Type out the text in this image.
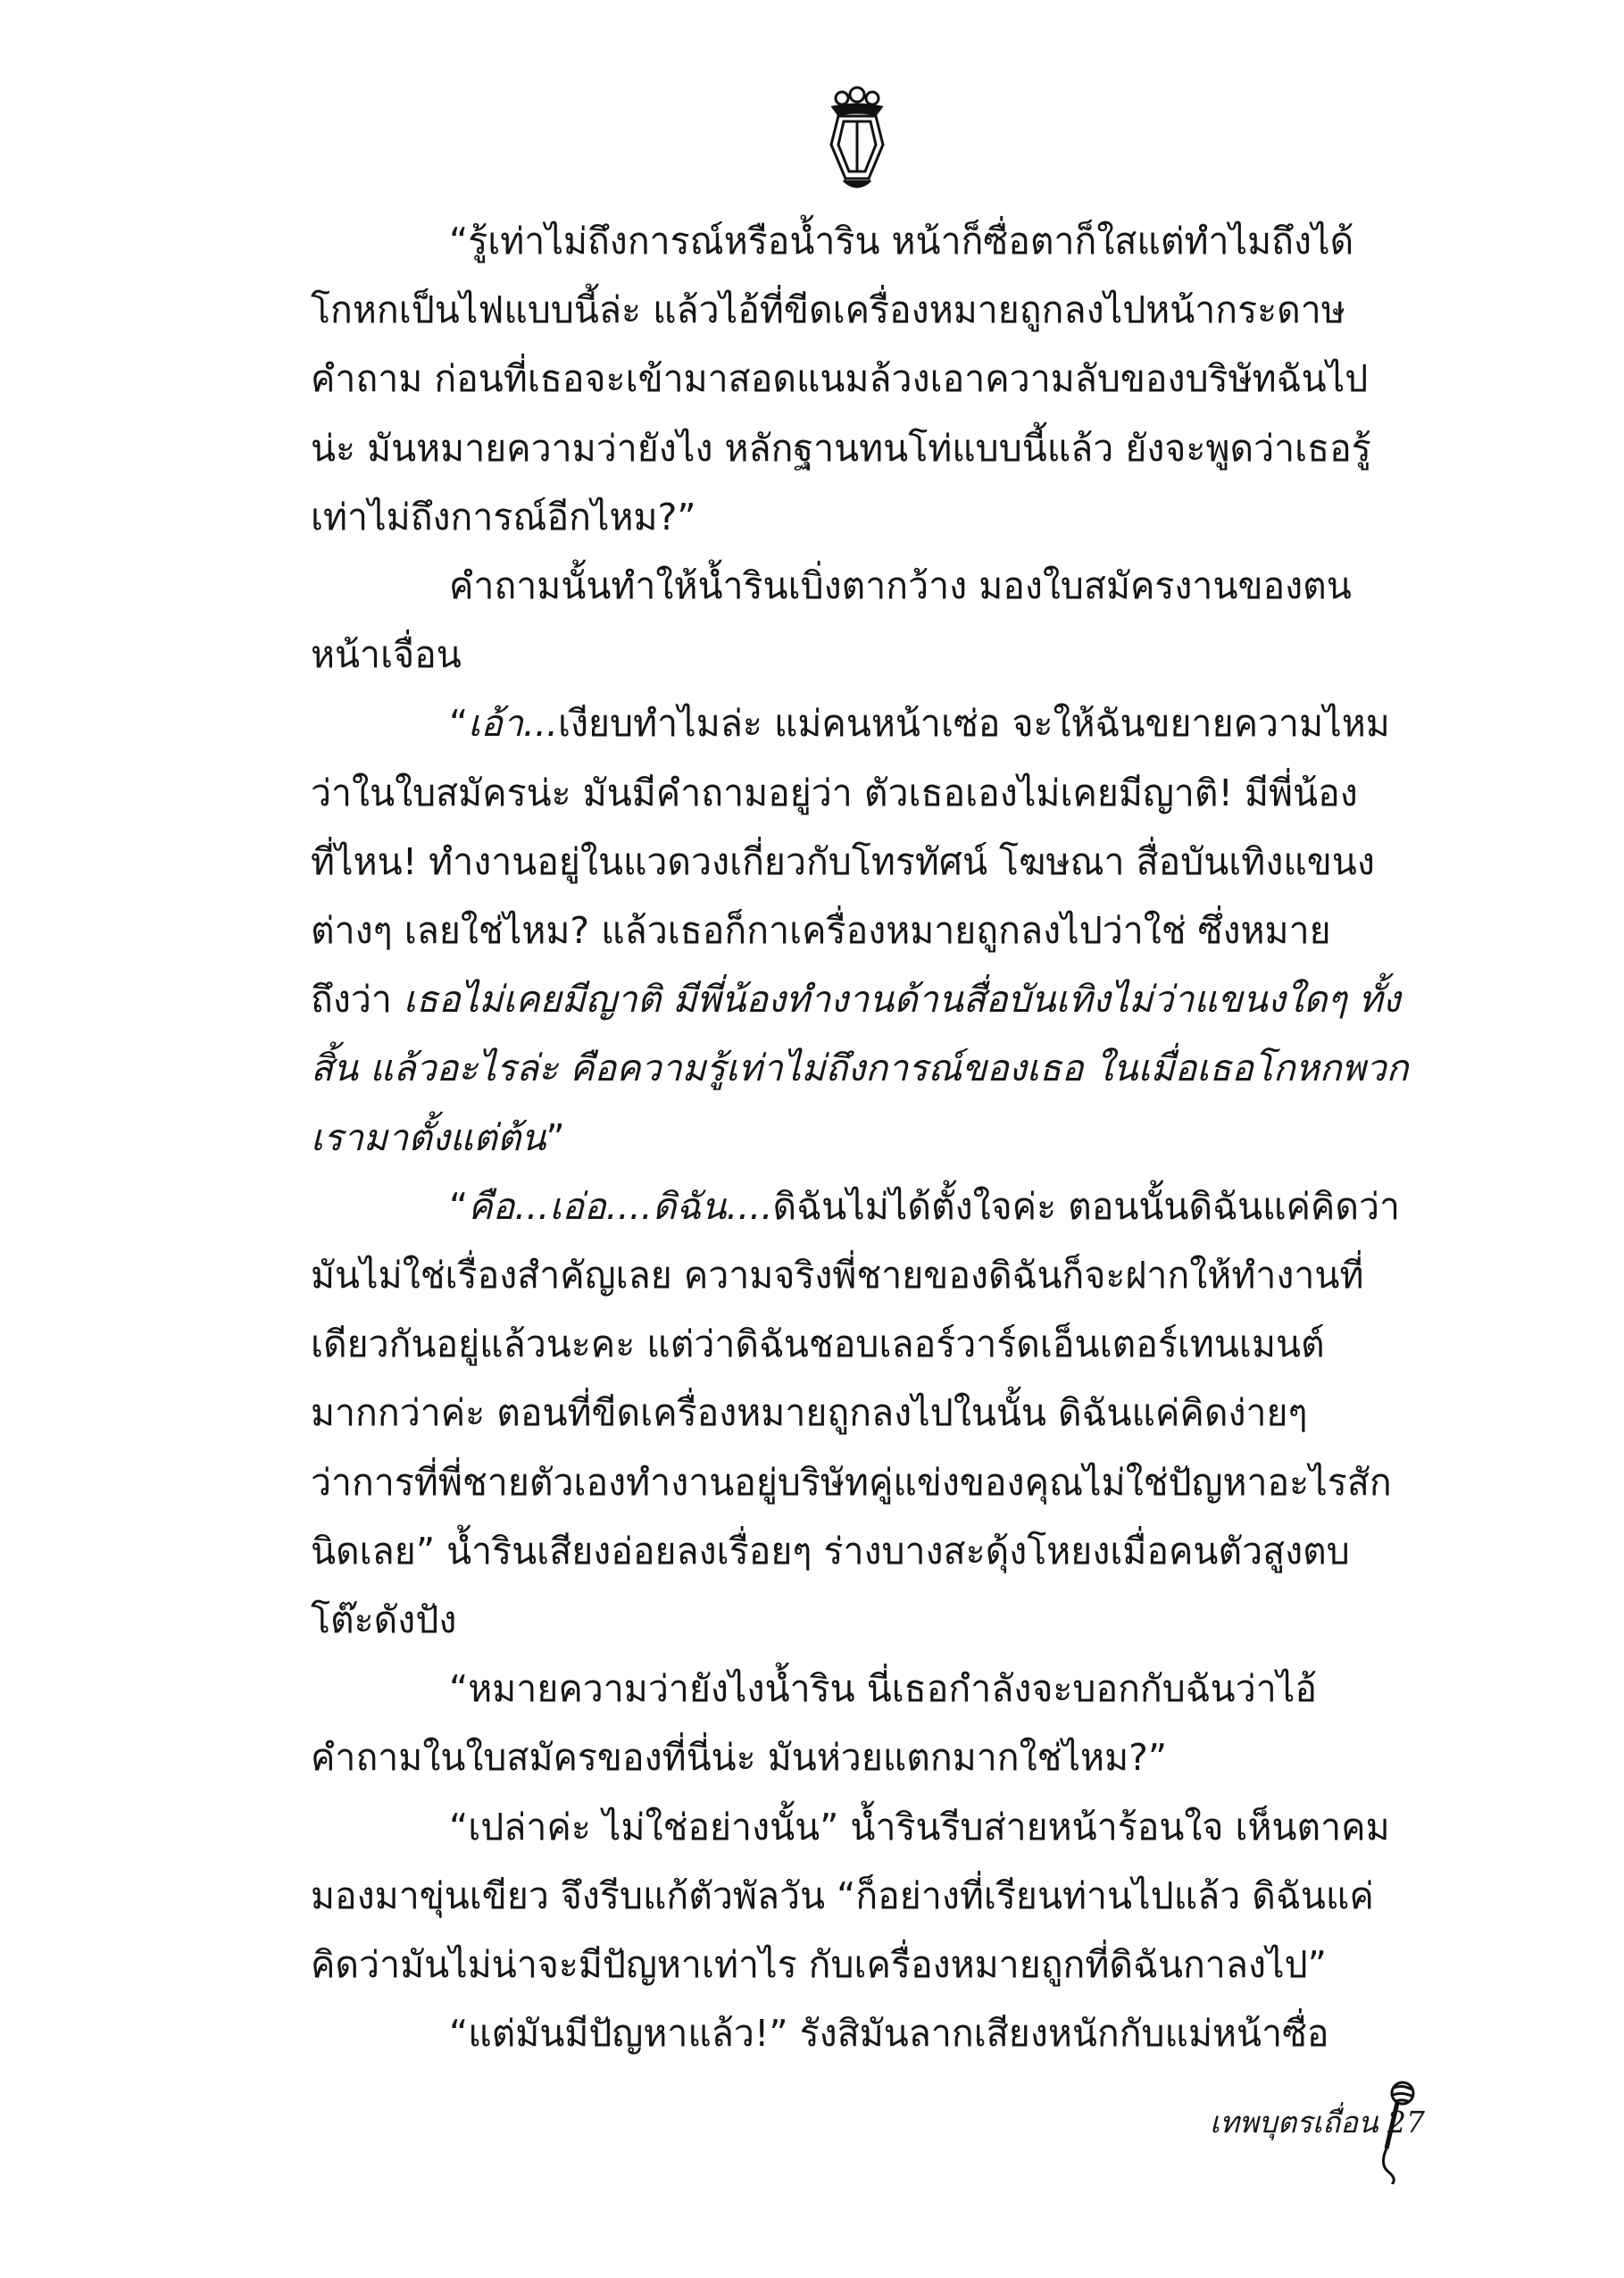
“รู้เท่าไม่ถึงการณ์หรือน้ำริน หน้าก็ซื่อตาก็ใสแต่ทำไมถึงได้โกหกเป็นไฟแบบนี้ล่ะ แล้วไอ้ที่ขีดเครื่องหมายถูกลงไปหน้ากระดาษคำถาม ก่อนที่เธอจะเข้ามาสอดแนมล้วงเอาความลับของบริษัทฉันไปน่ะ มันหมายความว่ายังไง หลักฐานทนโท่แบบนี้แล้ว ยังจะพูดว่าเธอรู้เท่าไม่ถึงการณ์อีกไหม?”

คำถามนั้นทำให้น้ำรินเบิ่งตากว้าง มองใบสมัครงานของตนหน้าเจื่อน

“เอ้า...เงียบทำไมล่ะ แม่คนหน้าเซ่อ จะให้ฉันขยายความไหมว่าในใบสมัครน่ะ มันมีคำถามอยู่ว่า ตัวเธอเองไม่เคยมีญาติ! มีพี่น้องที่ไหน! ทำงานอยู่ในแวดวงเกี่ยวกับโทรทัศน์ โฆษณา สื่อบันเทิงแขนงต่างๆ เลยใช่ไหม? แล้วเธอก็กาเครื่องหมายถูกลงไปว่าใช่ ซึ่งหมายถึงว่า เธอไม่เคยมีญาติ มีพี่น้องทำงานด้านสื่อบันเทิงไม่ว่าแขนงใดๆ ทั้งสิ้น แล้วอะไรล่ะ คือความรู้เท่าไม่ถึงการณ์ของเธอ ในเมื่อเธอโกหกพวกเรามาตั้งแต่ต้น”

“คือ...เอ่อ....ดิฉัน....ดิฉันไม่ได้ตั้งใจค่ะ ตอนนั้นดิฉันแค่คิดว่ามันไม่ใช่เรื่องสำคัญเลย ความจริงพี่ชายของดิฉันก็จะฝากให้ทำงานที่เดียวกันอยู่แล้วนะคะ แต่ว่าดิฉันชอบเลอร์วาร์ดเอ็นเตอร์เทนเมนต์มากกว่าค่ะ ตอนที่ขีดเครื่องหมายถูกลงไปในนั้น ดิฉันแค่คิดง่ายๆ ว่าการที่พี่ชายตัวเองทำงานอยู่บริษัทคู่แข่งของคุณไม่ใช่ปัญหาอะไรสักนิดเลย” น้ำรินเสียงอ่อยลงเรื่อยๆ ร่างบางสะดุ้งโหยงเมื่อคนตัวสูงตบโต๊ะดังปัง

“หมายความว่ายังไงน้ำริน นี่เธอกำลังจะบอกกับฉันว่าไอ้คำถามในใบสมัครของที่นี่น่ะ มันห่วยแตกมากใช่ไหม?”

“เปล่าค่ะ ไม่ใช่อย่างนั้น” น้ำรินรีบส่ายหน้าร้อนใจ เห็นตาคมมองมาขุ่นเขียว จึงรีบแก้ตัวพัลวัน “ก็อย่างที่เรียนท่านไปแล้ว ดิฉันแค่คิดว่ามันไม่น่าจะมีปัญหาเท่าไร กับเครื่องหมายถูกที่ดิฉันกาลงไป”

“แต่มันมีปัญหาแล้ว!” รังสิมันลากเสียงหนักกับแม่หน้าซื่อ

เทพบุตรเถื่อน 27
